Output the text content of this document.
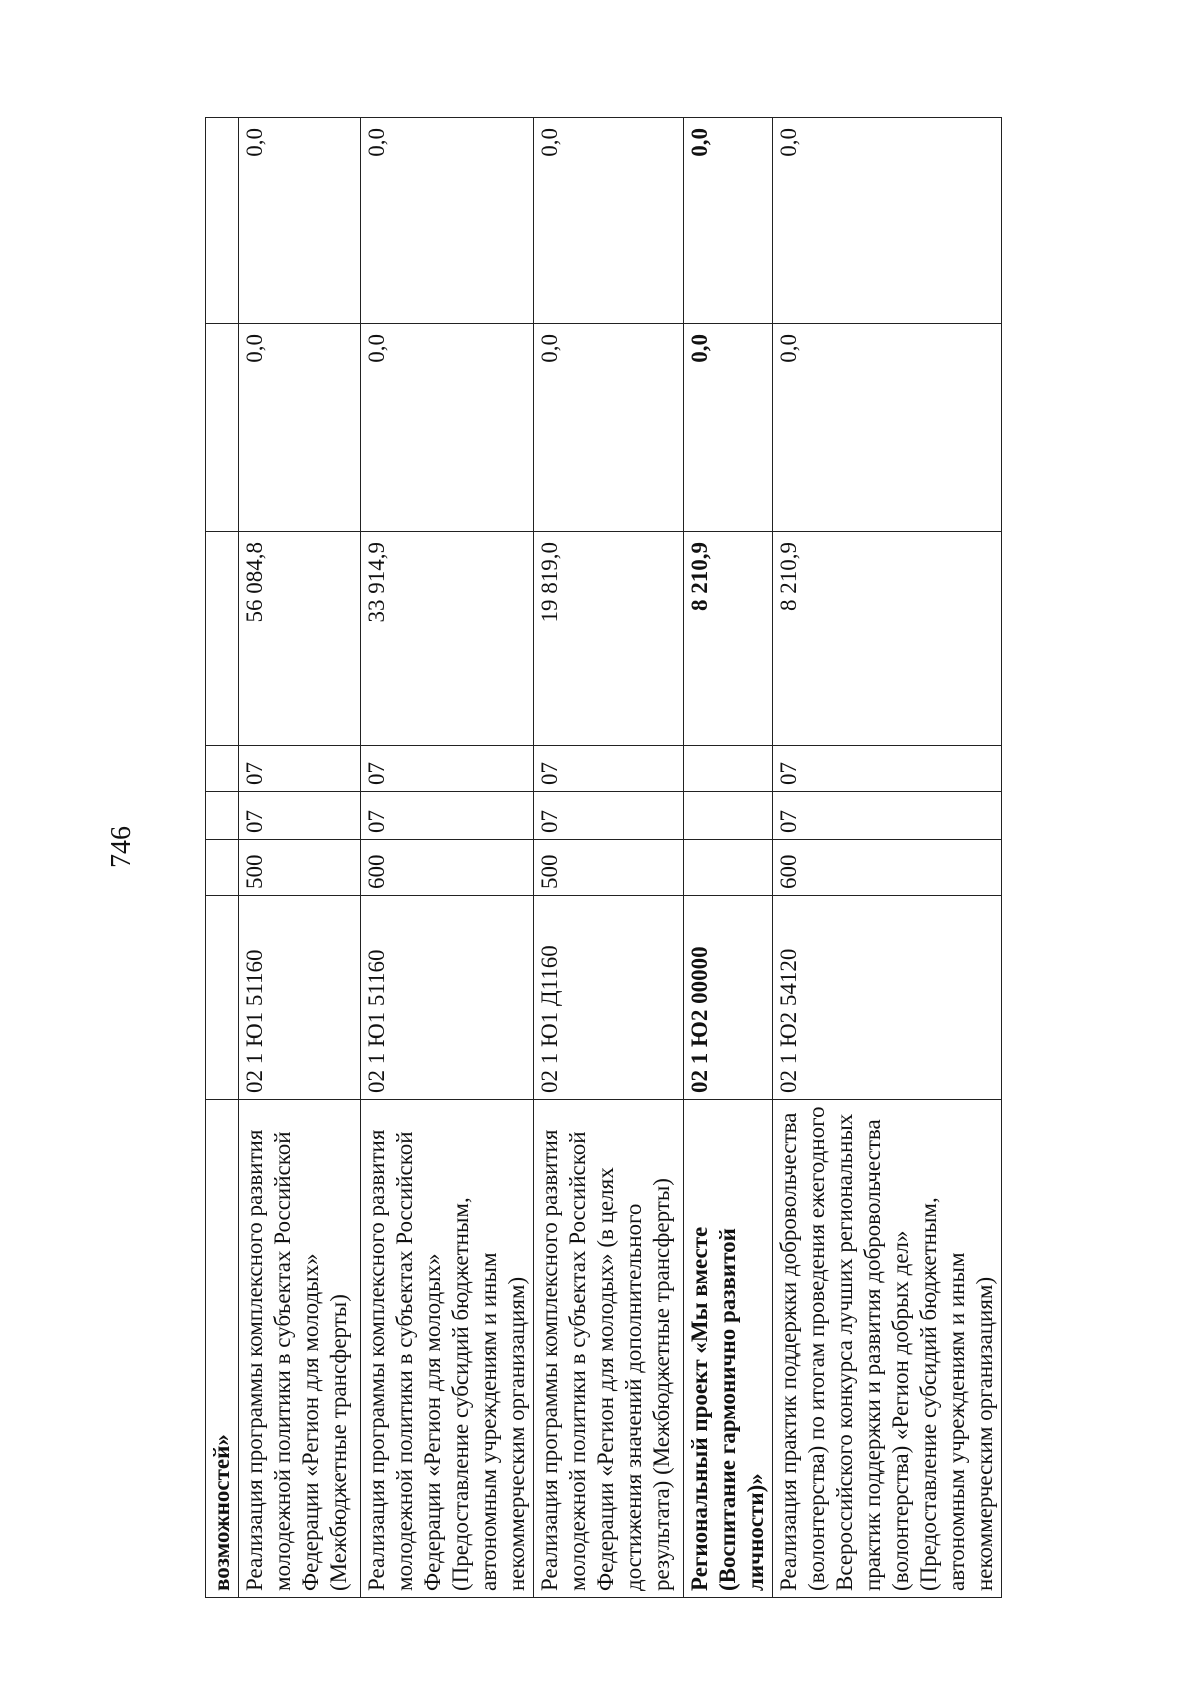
746
возможностей»							
Реализация программы комплексного развития молодежной политики в субъектах Российской Федерации «Регион для молодых» (Межбюджетные трансферты)	02 1 Ю1 51160	500	07	07	56 084,8	0,0	0,0
Реализация программы комплексного развития молодежной политики в субъектах Российской Федерации «Регион для молодых» (Предоставление субсидий бюджетным, автономным учреждениям и иным некоммерческим организациям)	02 1 Ю1 51160	600	07	07	33 914,9	0,0	0,0
Реализация программы комплексного развития молодежной политики в субъектах Российской Федерации «Регион для молодых» (в целях достижения значений дополнительного результата) (Межбюджетные трансферты)	02 1 Ю1 Д1160	500	07	07	19 819,0	0,0	0,0
Региональный проект «Мы вместе (Воспитание гармонично развитой личности)»	02 1 Ю2 00000				8 210,9	0,0	0,0
Реализация практик поддержки добровольчества (волонтерства) по итогам проведения ежегодного Всероссийского конкурса лучших региональных практик поддержки и развития добровольчества (волонтерства) «Регион добрых дел» (Предоставление субсидий бюджетным, автономным учреждениям и иным некоммерческим организациям)	02 1 Ю2 54120	600	07	07	8 210,9	0,0	0,0
